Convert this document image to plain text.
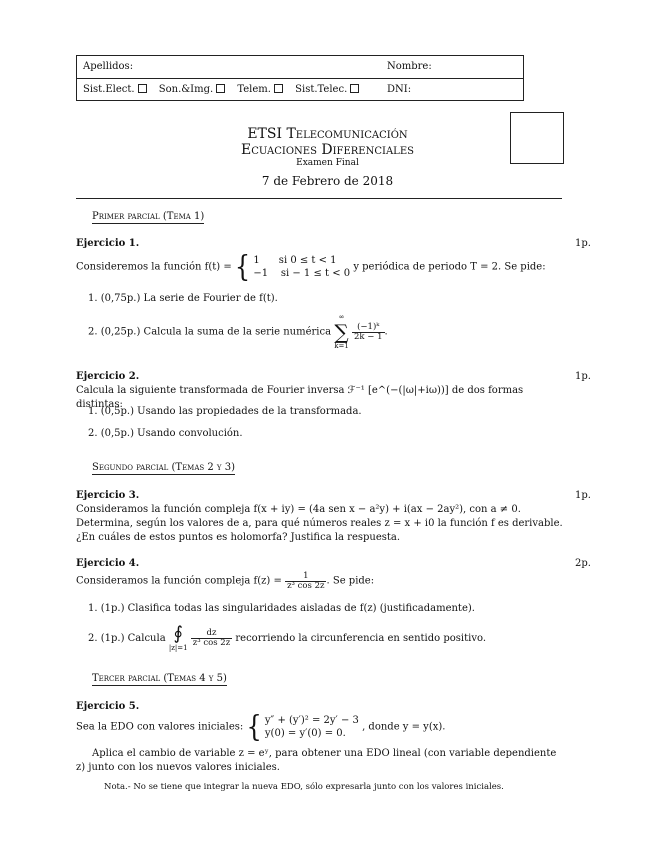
Apellidos:	Nombre:
Sist.Elect. Son.&Img. Telem. Sist.Telec.	DNI:
ETSI Telecomunicación
Ecuaciones Diferenciales
Examen Final
7 de Febrero de 2018
Primer parcial (Tema 1)
Ejercicio 1.	1p.
Consideremos la función f(t) = { 1      si 0 ≤ t < 1
−1    si − 1 ≤ t < 0
y periódica de periodo T = 2. Se pide:
1. (0,75p.) La serie de Fourier de f(t).
2. (0,25p.) Calcula la suma de la serie numérica
∞
∑
k=1

$\frac{\text{(−1)ᵏ}}{2k - 1}$ .
Ejercicio 2.	1p.
Calcula la siguiente transformada de Fourier inversa ℱ⁻¹ [e^(−(|ω|+iω))] de dos formas distintas:
1. (0,5p.) Usando las propiedades de la transformada.
2. (0,5p.) Usando convolución.
Segundo parcial (Temas 2 y 3)
Ejercicio 3.	1p.
Consideramos la función compleja f(x + iy) = (4a sen x − a²y) + i(ax − 2ay²), con a ≠ 0. Determina, según los valores de a, para qué números reales z = x + i0 la función f es derivable. ¿En cuáles de estos puntos es holomorfa? Justifica la respuesta.
Ejercicio 4.	2p.
Consideramos la función compleja $f(z) = \frac{1}{\text{z³ cos 2z}}$ . Se pide:
1. (1p.) Clasifica todas las singularidades aisladas de f(z) (justificadamente).
2. (1p.) Calcula ∮
|z|=1
$\frac{dz}{\text{z³ cos 2z}}$ recorriendo la circunferencia en sentido positivo.
Tercer parcial (Temas 4 y 5)
Ejercicio 5.
Sea la EDO con valores iniciales: { y″ + (y′)² = 2y′ − 3
y(0) = y′(0) = 0.
, donde y = y(x).
Aplica el cambio de variable z = eʸ, para obtener una EDO lineal (con variable dependiente z) junto con los nuevos valores iniciales.
Nota.- No se tiene que integrar la nueva EDO, sólo expresarla junto con los valores iniciales.
